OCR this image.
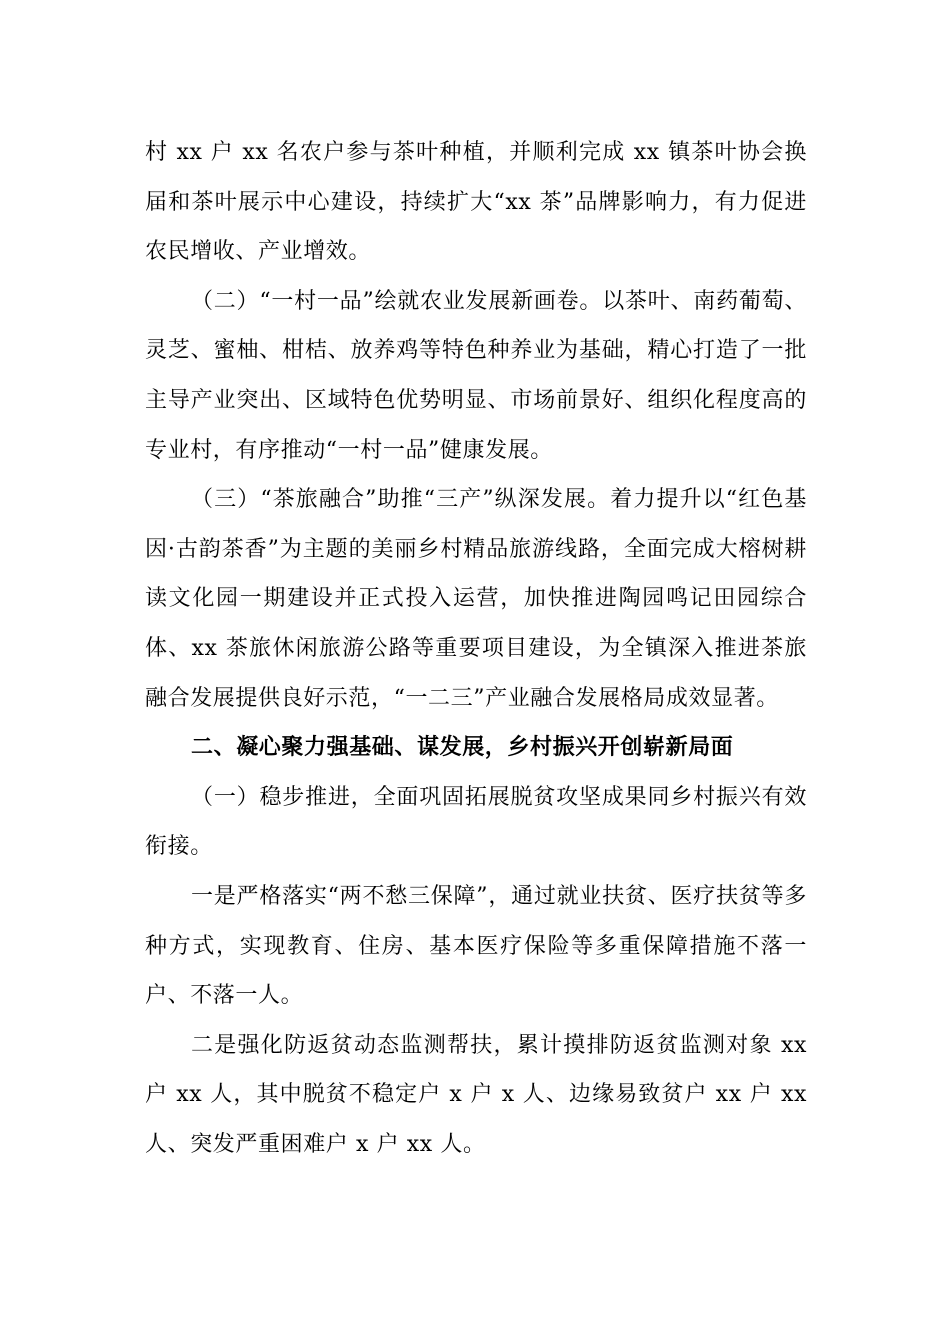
村 xx 户 xx 名农户参与茶叶种植，并顺利完成 xx 镇茶叶协会换届和茶叶展示中心建设，持续扩大“xx 茶”品牌影响力，有力促进农民增收、产业增效。

（二）“一村一品”绘就农业发展新画卷。以茶叶、南药葡萄、灵芝、蜜柚、柑桔、放养鸡等特色种养业为基础，精心打造了一批主导产业突出、区域特色优势明显、市场前景好、组织化程度高的专业村，有序推动“一村一品”健康发展。

（三）“茶旅融合”助推“三产”纵深发展。着力提升以“红色基因·古韵茶香”为主题的美丽乡村精品旅游线路，全面完成大榕树耕读文化园一期建设并正式投入运营，加快推进陶园鸣记田园综合体、xx 茶旅休闲旅游公路等重要项目建设，为全镇深入推进茶旅融合发展提供良好示范，“一二三”产业融合发展格局成效显著。

二、凝心聚力强基础、谋发展，乡村振兴开创崭新局面

（一）稳步推进，全面巩固拓展脱贫攻坚成果同乡村振兴有效衔接。

一是严格落实“两不愁三保障”，通过就业扶贫、医疗扶贫等多种方式，实现教育、住房、基本医疗保险等多重保障措施不落一户、不落一人。

二是强化防返贫动态监测帮扶，累计摸排防返贫监测对象 xx 户 xx 人，其中脱贫不稳定户 x 户 x 人、边缘易致贫户 xx 户 xx 人、突发严重困难户 x 户 xx 人。
